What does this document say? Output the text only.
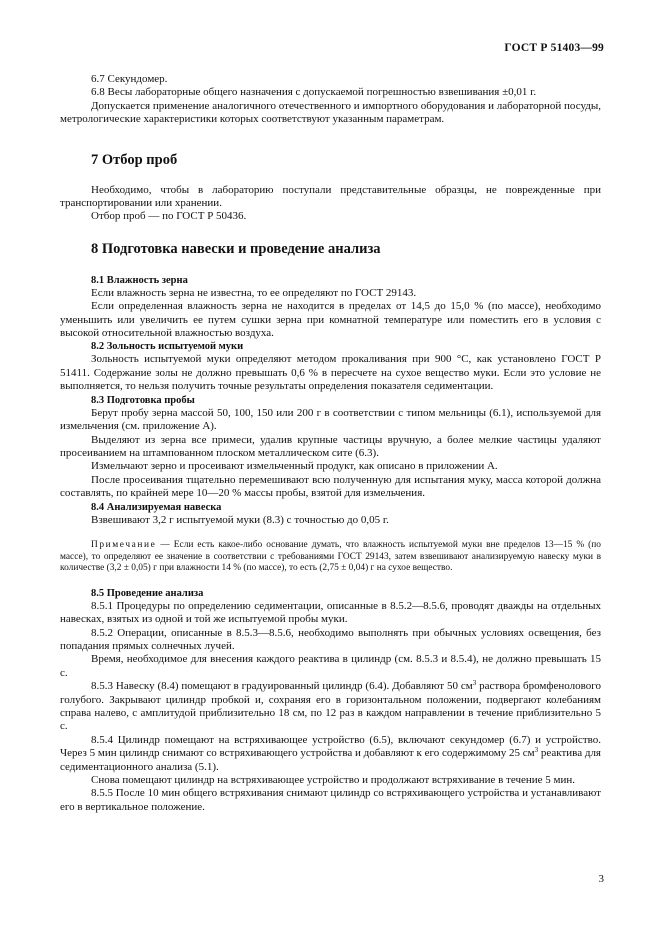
ГОСТ Р 51403—99

6.7 Секундомер.

6.8 Весы лабораторные общего назначения с допускаемой погрешностью взвешивания ±0,01 г.

Допускается применение аналогичного отечественного и импортного оборудования и лабораторной посуды, метрологические характеристики которых соответствуют указанным параметрам.

7 Отбор проб

Необходимо, чтобы в лабораторию поступали представительные образцы, не поврежденные при транспортировании или хранении.

Отбор проб — по ГОСТ Р 50436.

8 Подготовка навески и проведение анализа
8.1 Влажность зерна

Если влажность зерна не известна, то ее определяют по ГОСТ 29143.

Если определенная влажность зерна не находится в пределах от 14,5 до 15,0 % (по массе), необходимо уменьшить или увеличить ее путем сушки зерна при комнатной температуре или поместить его в условия с высокой относительной влажностью воздуха.

8.2 Зольность испытуемой муки

Зольность испытуемой муки определяют методом прокаливания при 900 °С, как установлено ГОСТ Р 51411. Содержание золы не должно превышать 0,6 % в пересчете на сухое вещество муки. Если это условие не выполняется, то нельзя получить точные результаты определения показателя седиментации.

8.3 Подготовка пробы

Берут пробу зерна массой 50, 100, 150 или 200 г в соответствии с типом мельницы (6.1), используемой для измельчения (см. приложение А).

Выделяют из зерна все примеси, удалив крупные частицы вручную, а более мелкие частицы удаляют просеиванием на штампованном плоском металлическом сите (6.3).

Измельчают зерно и просеивают измельченный продукт, как описано в приложении А.

После просеивания тщательно перемешивают всю полученную для испытания муку, масса которой должна составлять, по крайней мере 10—20 % массы пробы, взятой для измельчения.

8.4 Анализируемая навеска

Взвешивают 3,2 г испытуемой муки (8.3) с точностью до 0,05 г.

Примечание — Если есть какое-либо основание думать, что влажность испытуемой муки вне пределов 13—15 % (по массе), то определяют ее значение в соответствии с требованиями ГОСТ 29143, затем взвешивают анализируемую навеску муки в количестве (3,2 ± 0,05) г при влажности 14 % (по массе), то есть (2,75 ± 0,04) г на сухое вещество.

8.5 Проведение анализа

8.5.1 Процедуры по определению седиментации, описанные в 8.5.2—8.5.6, проводят дважды на отдельных навесках, взятых из одной и той же испытуемой пробы муки.

8.5.2 Операции, описанные в 8.5.3—8.5.6, необходимо выполнять при обычных условиях освещения, без попадания прямых солнечных лучей.

Время, необходимое для внесения каждого реактива в цилиндр (см. 8.5.3 и 8.5.4), не должно превышать 15 с.

8.5.3 Навеску (8.4) помещают в градуированный цилиндр (6.4). Добавляют 50 $см^3$ раствора бромфенолового голубого. Закрывают цилиндр пробкой и, сохраняя его в горизонтальном положении, подвергают колебаниям справа налево, с амплитудой приблизительно 18 см, по 12 раз в каждом направлении в течение приблизительно 5 с.

8.5.4 Цилиндр помещают на встряхивающее устройство (6.5), включают секундомер (6.7) и устройство. Через 5 мин цилиндр снимают со встряхивающего устройства и добавляют к его содержимому 25 $см^3$ реактива для седиментационного анализа (5.1).

Снова помещают цилиндр на встряхивающее устройство и продолжают встряхивание в течение 5 мин.

8.5.5 После 10 мин общего встряхивания снимают цилиндр со встряхивающего устройства и устанавливают его в вертикальное положение.

3
